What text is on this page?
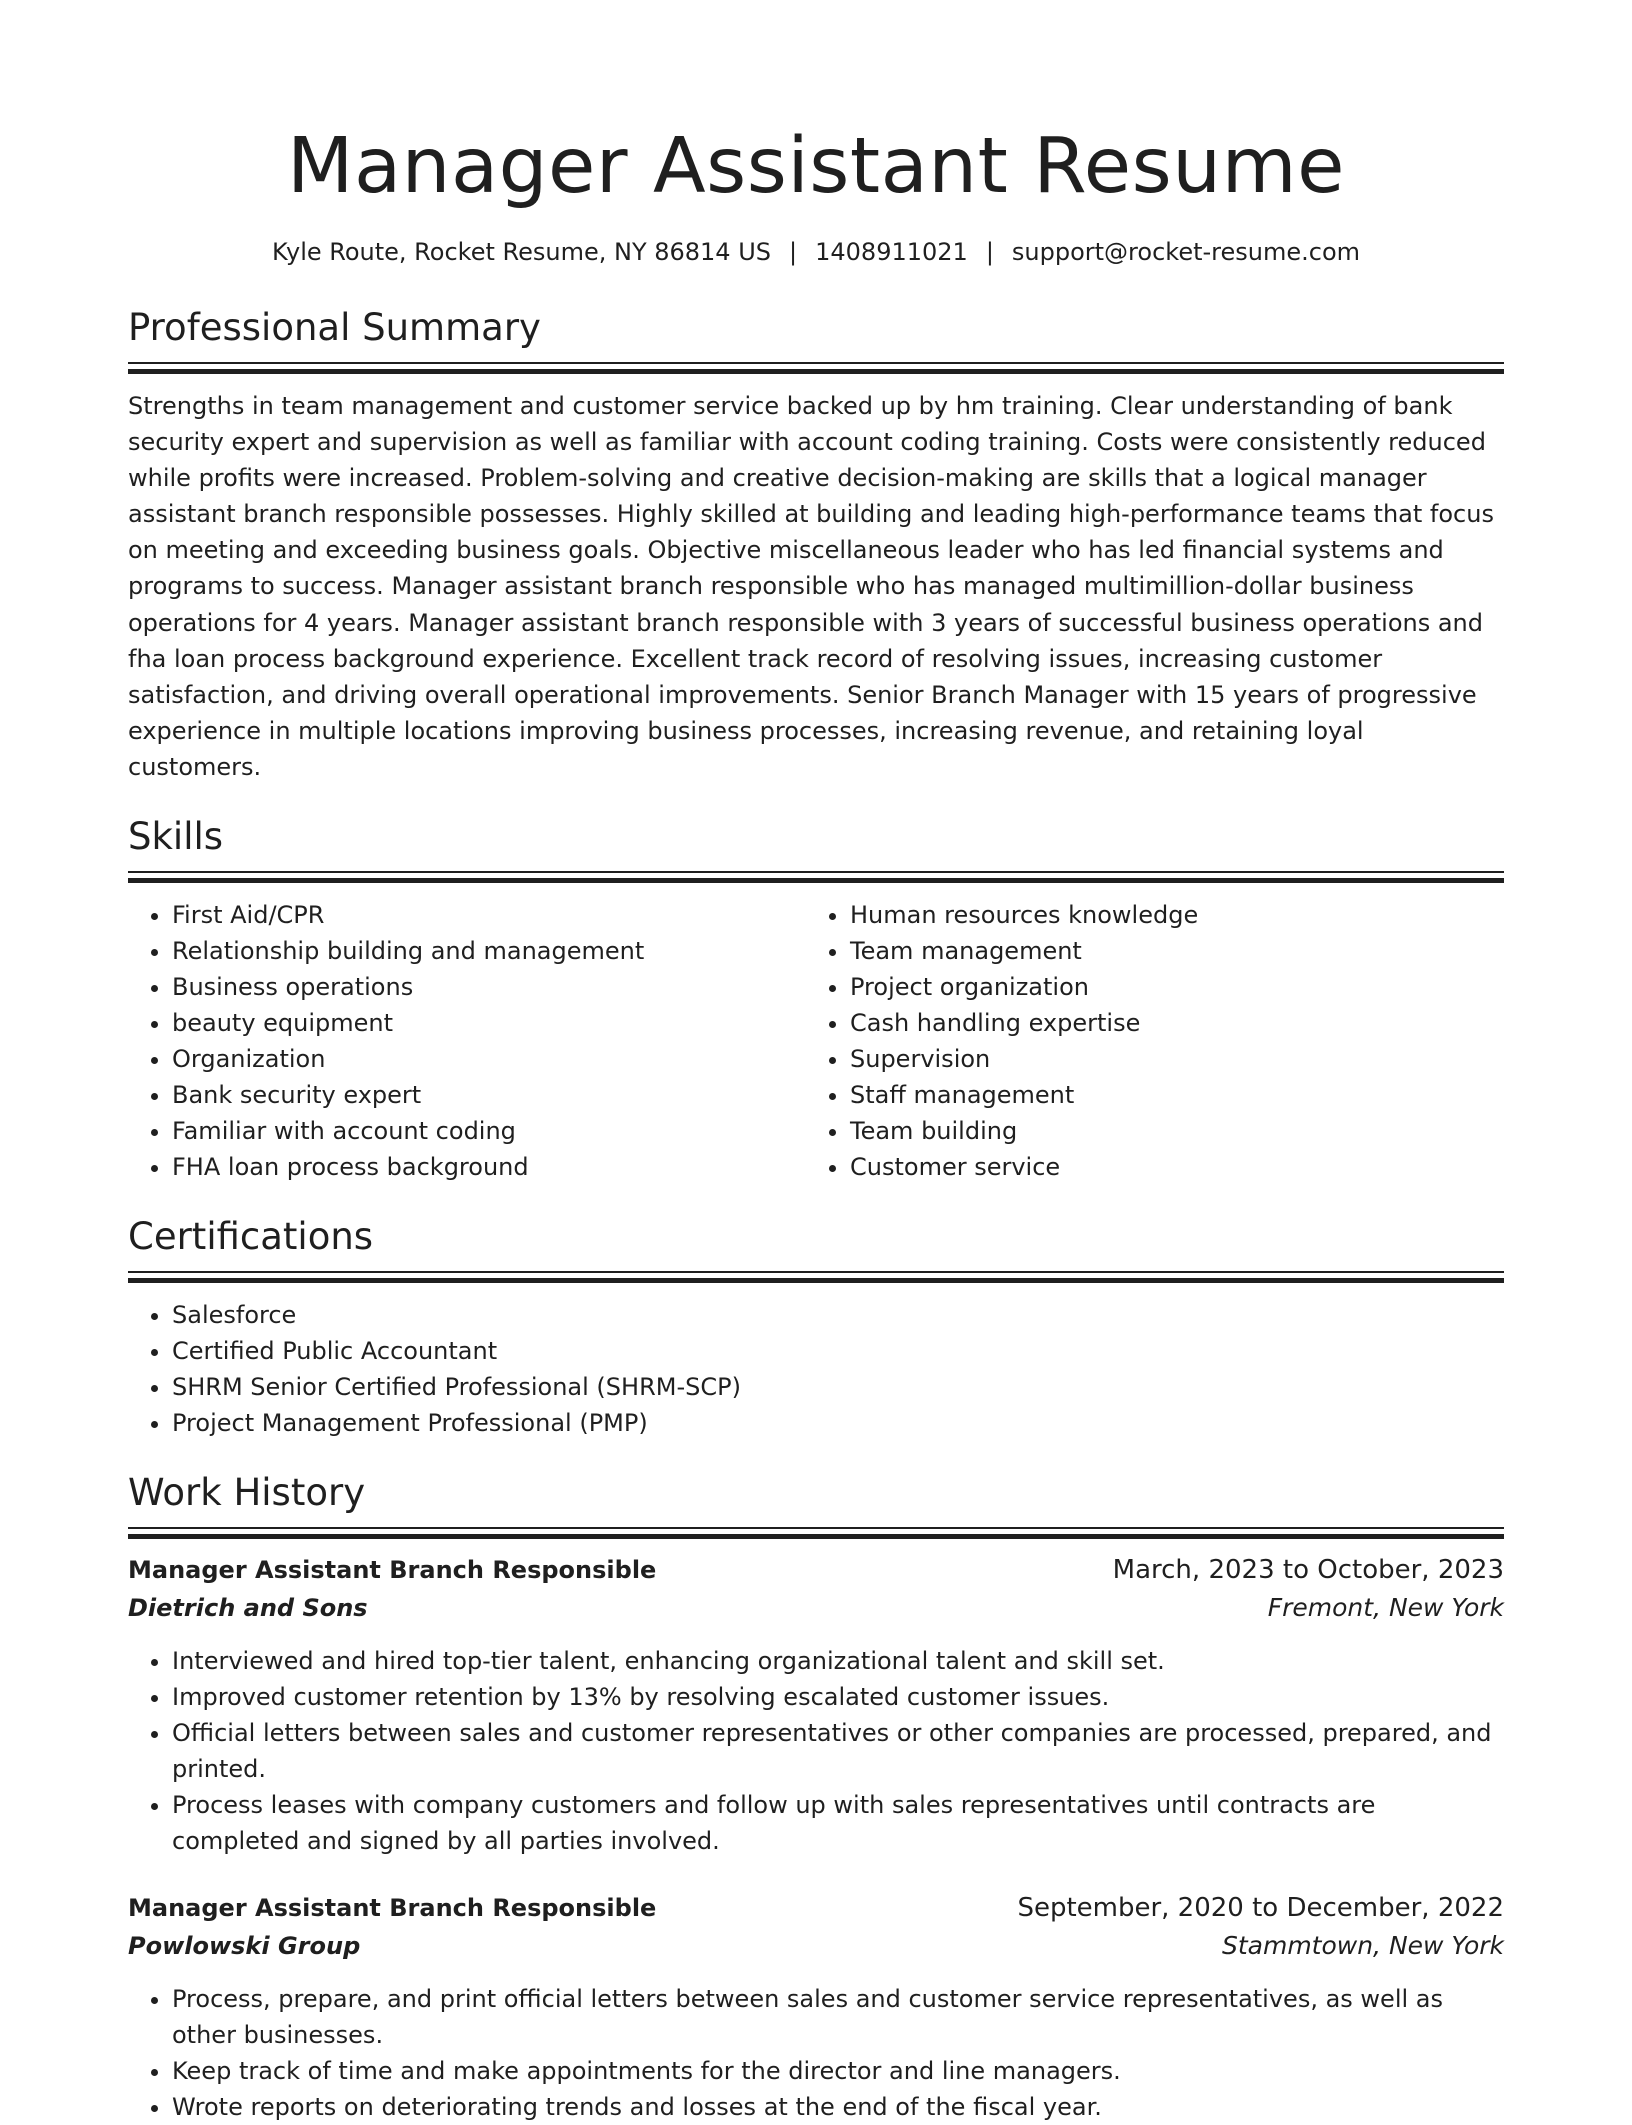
Manager Assistant Resume
Kyle Route, Rocket Resume, NY 86814 US | 1408911021 | support@rocket-resume.com
Professional Summary

Strengths in team management and customer service backed up by hm training. Clear understanding of bank security expert and supervision as well as familiar with account coding training. Costs were consistently reduced while profits were increased. Problem-solving and creative decision-making are skills that a logical manager assistant branch responsible possesses. Highly skilled at building and leading high-performance teams that focus on meeting and exceeding business goals. Objective miscellaneous leader who has led financial systems and programs to success. Manager assistant branch responsible who has managed multimillion-dollar business operations for 4 years. Manager assistant branch responsible with 3 years of successful business operations and fha loan process background experience. Excellent track record of resolving issues, increasing customer satisfaction, and driving overall operational improvements. Senior Branch Manager with 15 years of progressive experience in multiple locations improving business processes, increasing revenue, and retaining loyal customers.

Skills
• First Aid/CPR
• Relationship building and management
• Business operations
• beauty equipment
• Organization
• Bank security expert
• Familiar with account coding
• FHA loan process background
• Human resources knowledge
• Team management
• Project organization
• Cash handling expertise
• Supervision
• Staff management
• Team building
• Customer service
Certifications
• Salesforce
• Certified Public Accountant
• SHRM Senior Certified Professional (SHRM-SCP)
• Project Management Professional (PMP)
Work History
Manager Assistant Branch Responsible	March, 2023 to October, 2023
Dietrich and Sons	Fremont, New York
• Interviewed and hired top-tier talent, enhancing organizational talent and skill set.
• Improved customer retention by 13% by resolving escalated customer issues.
• Official letters between sales and customer representatives or other companies are processed, prepared, and printed.
• Process leases with company customers and follow up with sales representatives until contracts are completed and signed by all parties involved.
Manager Assistant Branch Responsible	September, 2020 to December, 2022
Powlowski Group	Stammtown, New York
• Process, prepare, and print official letters between sales and customer service representatives, as well as other businesses.
• Keep track of time and make appointments for the director and line managers.
• Wrote reports on deteriorating trends and losses at the end of the fiscal year.
